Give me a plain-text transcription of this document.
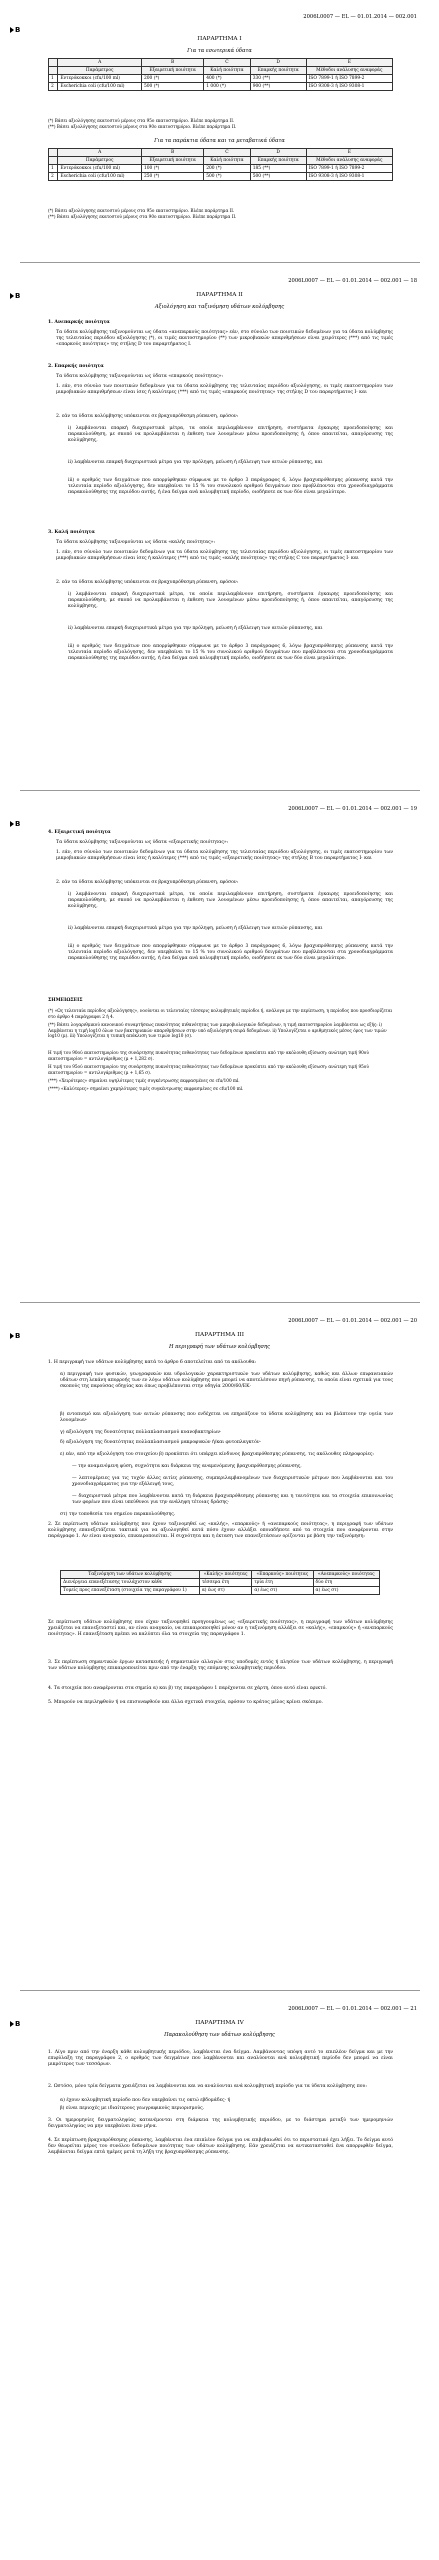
2006L0007 — EL — 01.01.2014 — 002.001
B
ΠΑΡΑΡΤΗΜΑ I
Για τα εσωτερικά ύδατα
	A	B	C	D	E
	Παράμετρος	Εξαιρετική ποιότητα	Καλή ποιότητα	Επαρκής ποιότητα	Μέθοδοι ανάλυσης αναφοράς
1	Εντερόκοκκοι (cfu/100 ml)	200 (*)	400 (*)	330 (**)	ISO 7899-1 ή ISO 7899-2
2	Escherichia coli (cfu/100 ml)	500 (*)	1 000 (*)	900 (**)	ISO 9308-3 ή ISO 9308-1
(*) Βάσει αξιολόγησης εκατοστού μέρους στα 95o εκατοστημόριο. Βλέπε παράρτημα II.
(**) Βάσει αξιολόγησης εκατοστού μέρους στα 90o εκατοστημόριο. Βλέπε παράρτημα II.
Για τα παράκτια ύδατα και τα μεταβατικά ύδατα
	A	B	C	D	E
	Παράμετρος	Εξαιρετική ποιότητα	Καλή ποιότητα	Επαρκής ποιότητα	Μέθοδοι ανάλυσης αναφοράς
1	Εντερόκοκκοι (cfu/100 ml)	100 (*)	200 (*)	185 (**)	ISO 7899-1 ή ISO 7899-2
2	Escherichia coli (cfu/100 ml)	250 (*)	500 (*)	500 (**)	ISO 9308-3 ή ISO 9308-1
(*) Βάσει αξιολόγησης εκατοστού μέρους στα 95o εκατοστημόριο. Βλέπε παράρτημα II.
(**) Βάσει αξιολόγησης εκατοστού μέρους στα 90o εκατοστημόριο. Βλέπε παράρτημα II.
2006L0007 — EL — 01.01.2014 — 002.001 — 18
B	ΠΑΡΑΡΤΗΜΑ II
Αξιολόγηση και ταξινόμηση υδάτων κολύμβησης
1. Ανεπαρκής ποιότητα
Τα ύδατα κολύμβησης ταξινομούνται ως ύδατα «ανεπαρκούς ποιότητας» εάν, στο σύνολο των ποιοτικών δεδομένων για τα ύδατα κολύμβησης της τελευταίας περιόδου αξιολόγησης (*), οι τιμές εκατοστημορίου (**) των μικροβιακών απαριθμήσεων είναι χειρότερες (***) από τις τιμές «επαρκούς ποιότητας» της στήλης D του παραρτήματος I.
2. Επαρκής ποιότητα
Τα ύδατα κολύμβησης ταξινομούνται ως ύδατα «επαρκούς ποιότητας»:
1. εάν, στο σύνολο των ποιοτικών δεδομένων για τα ύδατα κολύμβησης της τελευταίας περιόδου αξιολόγησης, οι τιμές εκατοστημορίου των μικροβιακών απαριθμήσεων είναι ίσες ή καλύτερες (***) από τις τιμές «επαρκούς ποιότητας» της στήλης D του παραρτήματος I· και
2. εάν τα ύδατα κολύμβησης υπόκεινται σε βραχυπρόθεσμη ρύπανση, εφόσον:
i) λαμβάνονται επαρκή διαχειριστικά μέτρα, τα οποία περιλαμβάνουν επιτήρηση, συστήματα έγκαιρης προειδοποίησης και παρακολούθηση, με σκοπό να προλαμβάνεται η έκθεση των λουομένων μέσω προειδοποίησης ή, όπου απαιτείται, απαγόρευσης της κολύμβησης,
ii) λαμβάνονται επαρκή διαχειριστικά μέτρα για την πρόληψη, μείωση ή εξάλειψη των αιτιών ρύπανσης, και
iii) ο αριθμός των δειγμάτων που απορρίφθηκαν σύμφωνα με το άρθρο 3 παράγραφος 6, λόγω βραχυπρόθεσμης ρύπανσης κατά την τελευταία περίοδο αξιολόγησης, δεν υπερβαίνει το 15 % του συνολικού αριθμού δειγμάτων που προβλέπονται στα χρονοδιαγράμματα παρακολούθησης της περιόδου αυτής, ή ένα δείγμα ανά κολυμβητική περίοδο, οιοδήποτε εκ των δύο είναι μεγαλύτερο.
3. Καλή ποιότητα
Τα ύδατα κολύμβησης ταξινομούνται ως ύδατα «καλής ποιότητας»:
1. εάν, στο σύνολο των ποιοτικών δεδομένων για τα ύδατα κολύμβησης της τελευταίας περιόδου αξιολόγησης, οι τιμές εκατοστημορίου των μικροβιακών απαριθμήσεων είναι ίσες ή καλύτερες (***) από τις τιμές «καλής ποιότητας» της στήλης C του παραρτήματος I· και
2. εάν τα ύδατα κολύμβησης υπόκεινται σε βραχυπρόθεσμη ρύπανση, εφόσον:
i) λαμβάνονται επαρκή διαχειριστικά μέτρα, τα οποία περιλαμβάνουν επιτήρηση, συστήματα έγκαιρης προειδοποίησης και παρακολούθηση, με σκοπό να προλαμβάνεται η έκθεση των λουομένων μέσω προειδοποίησης ή, όπου απαιτείται, απαγόρευσης της κολύμβησης,
ii) λαμβάνονται επαρκή διαχειριστικά μέτρα για την πρόληψη, μείωση ή εξάλειψη των αιτιών ρύπανσης, και
iii) ο αριθμός των δειγμάτων που απορρίφθηκαν σύμφωνα με το άρθρο 3 παράγραφος 6, λόγω βραχυπρόθεσμης ρύπανσης κατά την τελευταία περίοδο αξιολόγησης, δεν υπερβαίνει το 15 % του συνολικού αριθμού δειγμάτων που προβλέπονται στα χρονοδιαγράμματα παρακολούθησης της περιόδου αυτής, ή ένα δείγμα ανά κολυμβητική περίοδο, οιοδήποτε εκ των δύο είναι μεγαλύτερο.
2006L0007 — EL — 01.01.2014 — 002.001 — 19
B
4. Εξαιρετική ποιότητα
Τα ύδατα κολύμβησης ταξινομούνται ως ύδατα «εξαιρετικής ποιότητας»:
1. εάν, στο σύνολο των ποιοτικών δεδομένων για τα ύδατα κολύμβησης της τελευταίας περιόδου αξιολόγησης, οι τιμές εκατοστημορίου των μικροβιακών απαριθμήσεων είναι ίσες ή καλύτερες (***) από τις τιμές «εξαιρετικής ποιότητας» της στήλης B του παραρτήματος I· και
2. εάν τα ύδατα κολύμβησης υπόκεινται σε βραχυπρόθεσμη ρύπανση, εφόσον:
i) λαμβάνονται επαρκή διαχειριστικά μέτρα, τα οποία περιλαμβάνουν επιτήρηση, συστήματα έγκαιρης προειδοποίησης και παρακολούθηση, με σκοπό να προλαμβάνεται η έκθεση των λουομένων μέσω προειδοποίησης ή, όπου απαιτείται, απαγόρευσης της κολύμβησης,
ii) λαμβάνονται επαρκή διαχειριστικά μέτρα για την πρόληψη, μείωση ή εξάλειψη των αιτιών ρύπανσης, και
iii) ο αριθμός των δειγμάτων που απορρίφθηκαν σύμφωνα με το άρθρο 3 παράγραφος 6, λόγω βραχυπρόθεσμης ρύπανσης κατά την τελευταία περίοδο αξιολόγησης, δεν υπερβαίνει το 15 % του συνολικού αριθμού δειγμάτων που προβλέπονται στα χρονοδιαγράμματα παρακολούθησης της περιόδου αυτής, ή ένα δείγμα ανά κολυμβητική περίοδο, οιοδήποτε εκ των δύο είναι μεγαλύτερο.
ΣΗΜΕΙΩΣΕΙΣ
(*) «Ως τελευταία περίοδος αξιολόγησης», νοούνται οι τελευταίες τέσσερις κολυμβητικές περίοδοι ή, ανάλογα με την περίπτωση, η περίοδος που προσδιορίζεται στο άρθρο 4 παράγραφοι 2 ή 4.
(**) Βάσει λογαριθμικού κανονικού συναρτήσεως πυκνότητας πιθανότητας των μικροβιολογικών δεδομένων, η τιμή εκατοστημορίου λαμβάνεται ως εξής: i) Λαμβάνεται η τιμή log10 όλων των βακτηριακών απαριθμήσεων στην υπό αξιολόγηση σειρά δεδομένων. ii) Υπολογίζεται ο αριθμητικός μέσος όρος των τιμών log10 (μ). iii) Υπολογίζεται η τυπική απόκλιση των τιμών log10 (σ).
Η τιμή του 90ού εκατοστημορίου της συνάρτησης πυκνότητας πιθανότητας των δεδομένων προκύπτει από την ακόλουθη εξίσωση: ανώτερη τιμή 90ού εκατοστημορίου = αντιλογάριθμος (μ + 1,282 σ).
Η τιμή του 95ού εκατοστημορίου της συνάρτησης πυκνότητας πιθανότητας των δεδομένων προκύπτει από την ακόλουθη εξίσωση: ανώτερη τιμή 95ού εκατοστημορίου = αντιλογάριθμος (μ + 1,65 σ).
(***) «Χειρότερες» σημαίνει υψηλότερες τιμές συγκέντρωσης εκφρασμένες σε cfu/100 ml.
(****) «Καλύτερες» σημαίνει χαμηλότερες τιμές συγκέντρωσης εκφρασμένες σε cfu/100 ml.
2006L0007 — EL — 01.01.2014 — 002.001 — 20
B	ΠΑΡΑΡΤΗΜΑ III
Η περιγραφή των υδάτων κολύμβησης
1. Η περιγραφή των υδάτων κολύμβησης κατά το άρθρο 6 αποτελείται από τα ακόλουθα:
α) περιγραφή των φυσικών, γεωγραφικών και υδρολογικών χαρακτηριστικών των υδάτων κολύμβησης, καθώς και άλλων επιφανειακών υδάτων στη λεκάνη απορροής των εν λόγω υδάτων κολύμβησης που μπορεί να αποτελέσουν πηγή ρύπανσης, τα οποία είναι σχετικά για τους σκοπούς της παρούσας οδηγίας και όπως προβλέπονται στην οδηγία 2000/60/ΕΚ·
β) εντοπισμό και αξιολόγηση των αιτιών ρύπανσης που ενδέχεται να επηρεάζουν τα ύδατα κολύμβησης και να βλάπτουν την υγεία των λουομένων·
γ) αξιολόγηση της δυνατότητας πολλαπλασιασμού κυανοβακτηρίων·
δ) αξιολόγηση της δυνατότητας πολλαπλασιασμού μακροφυκών ή/και φυτοπλαγκτόν·
ε) εάν, από την αξιολόγηση του στοιχείου β) προκύπτει ότι υπάρχει κίνδυνος βραχυπρόθεσμης ρύπανσης, τις ακόλουθες πληροφορίες:
— την αναμενόμενη φύση, συχνότητα και διάρκεια της αναμενόμενης βραχυπρόθεσμης ρύπανσης,
— λεπτομέρειες για τις τυχόν άλλες αιτίες ρύπανσης, συμπεριλαμβανομένων των διαχειριστικών μέτρων που λαμβάνονται και του χρονοδιαγράμματος για την εξάλειψή τους,
— διαχειριστικά μέτρα που λαμβάνονται κατά τη διάρκεια βραχυπρόθεσμης ρύπανσης και η ταυτότητα και τα στοιχεία επικοινωνίας των φορέων που είναι υπεύθυνοι για την ανάληψη τέτοιας δράσης·
στ) την τοποθεσία του σημείου παρακολούθησης.
2. Σε περίπτωση υδάτων κολύμβησης που έχουν ταξινομηθεί ως «καλής», «επαρκούς» ή «ανεπαρκούς ποιότητας», η περιγραφή των υδάτων κολύμβησης επανεξετάζεται τακτικά για να αξιολογηθεί κατά πόσο έχουν αλλάξει οποιαδήποτε από τα στοιχεία που αναφέρονται στην παράγραφο 1. Αν είναι αναγκαίο, επικαιροποιείται. Η συχνότητα και η έκταση των επανεξετάσεων ορίζονται με βάση την ταξινόμηση:
Ταξινόμηση των υδάτων κολύμβησης	«Καλής» ποιότητας	«Επαρκούς» ποιότητας	«Ανεπαρκούς» ποιότητας
Διενέργεια επανεξέτασης τουλάχιστον κάθε	τέσσερα έτη	τρία έτη	δύο έτη
Τομείς προς επανεξέταση (στοιχεία της παραγράφου 1)	α) έως στ)	α) έως στ)	α) έως στ)
Σε περίπτωση υδάτων κολύμβησης που είχαν ταξινομηθεί προηγουμένως ως «εξαιρετικής ποιότητας», η περιγραφή των υδάτων κολύμβησης χρειάζεται να επανεξεταστεί και, αν είναι αναγκαίο, να επικαιροποιηθεί μόνον αν η ταξινόμηση αλλάξει σε «καλής», «επαρκούς» ή «ανεπαρκούς ποιότητας». Η επανεξέταση πρέπει να καλύπτει όλα τα στοιχεία της παραγράφου 1.
3. Σε περίπτωση σημαντικών έργων κατασκευής ή σημαντικών αλλαγών στις υποδομές εντός ή πλησίον των υδάτων κολύμβησης, η περιγραφή των υδάτων κολύμβησης επικαιροποιείται πριν από την έναρξη της επόμενης κολυμβητικής περιόδου.
4. Τα στοιχεία που αναφέρονται στα σημεία α) και β) της παραγράφου 1 παρέχονται σε χάρτη, όπου αυτό είναι εφικτό.
5. Μπορούν να περιληφθούν ή να επισυναφθούν και άλλα σχετικά στοιχεία, εφόσον το κράτος μέλος κρίνει σκόπιμο.
2006L0007 — EL — 01.01.2014 — 002.001 — 21
B	ΠΑΡΑΡΤΗΜΑ IV
Παρακολούθηση των υδάτων κολύμβησης
1. Λίγο πριν από την έναρξη κάθε κολυμβητικής περιόδου, λαμβάνεται ένα δείγμα. Λαμβάνοντας υπόψη αυτό το επιπλέον δείγμα και με την επιφύλαξη της παραγράφου 2, ο αριθμός των δειγμάτων που λαμβάνονται και αναλύονται ανά κολυμβητική περίοδο δεν μπορεί να είναι μικρότερος των τεσσάρων.
2. Ωστόσο, μόνο τρία δείγματα χρειάζεται να λαμβάνονται και να αναλύονται ανά κολυμβητική περίοδο για τα ύδατα κολύμβησης που:
α) έχουν κολυμβητική περίοδο που δεν υπερβαίνει τις οκτώ εβδομάδες· ή
β) είναι περιοχές με ιδιαίτερους γεωγραφικούς περιορισμούς.
3. Οι ημερομηνίες δειγματοληψίας κατανέμονται στη διάρκεια της κολυμβητικής περιόδου, με το διάστημα μεταξύ των ημερομηνιών δειγματοληψίας να μην υπερβαίνει έναν μήνα.
4. Σε περίπτωση βραχυπρόθεσμης ρύπανσης, λαμβάνεται ένα επιπλέον δείγμα για να επιβεβαιωθεί ότι το περιστατικό έχει λήξει. Το δείγμα αυτό δεν θεωρείται μέρος του συνόλου δεδομένων ποιότητας των υδάτων κολύμβησης. Εάν χρειάζεται να αντικατασταθεί ένα απορριφθέν δείγμα, λαμβάνεται δείγμα επτά ημέρες μετά τη λήξη της βραχυπρόθεσμης ρύπανσης.
